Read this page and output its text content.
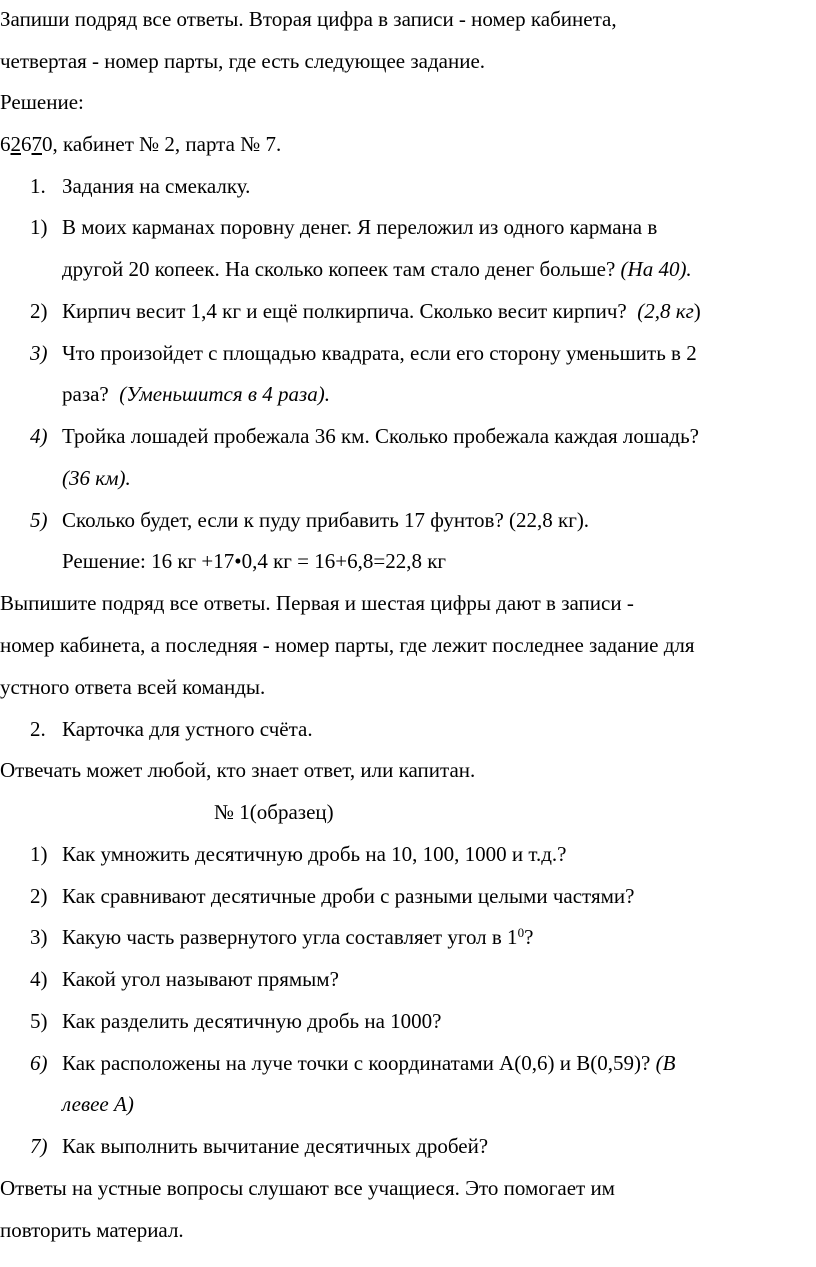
Запиши подряд все ответы. Вторая цифра в записи - номер кабинета,
четвертая - номер парты, где есть следующее задание.
Решение:
62670, кабинет № 2, парта № 7.
1. Задания на смекалку.
1) В моих карманах поровну денег. Я переложил из одного кармана в
другой 20 копеек. На сколько копеек там стало денег больше? (На 40).
2) Кирпич весит 1,4 кг и ещё полкирпича. Сколько весит кирпич? (2,8 кг)
3) Что произойдет с площадью квадрата, если его сторону уменьшить в 2
раза? (Уменьшится в 4 раза).
4) Тройка лошадей пробежала 36 км. Сколько пробежала каждая лошадь?
(36 км).
5) Сколько будет, если к пуду прибавить 17 фунтов? (22,8 кг).
Решение: 16 кг +17•0,4 кг = 16+6,8=22,8 кг
Выпишите подряд все ответы. Первая и шестая цифры дают в записи -
номер кабинета, а последняя - номер парты, где лежит последнее задание для
устного ответа всей команды.
2. Карточка для устного счёта.
Отвечать может любой, кто знает ответ, или капитан.
№ 1(образец)
1) Как умножить десятичную дробь на 10, 100, 1000 и т.д.?
2) Как сравнивают десятичные дроби с разными целыми частями?
3) Какую часть развернутого угла составляет угол в $1^0$?
4) Какой угол называют прямым?
5) Как разделить десятичную дробь на 1000?
6) Как расположены на луче точки с координатами А(0,6) и В(0,59)? (В
левее А)
7) Как выполнить вычитание десятичных дробей?
Ответы на устные вопросы слушают все учащиеся. Это помогает им
повторить материал.
